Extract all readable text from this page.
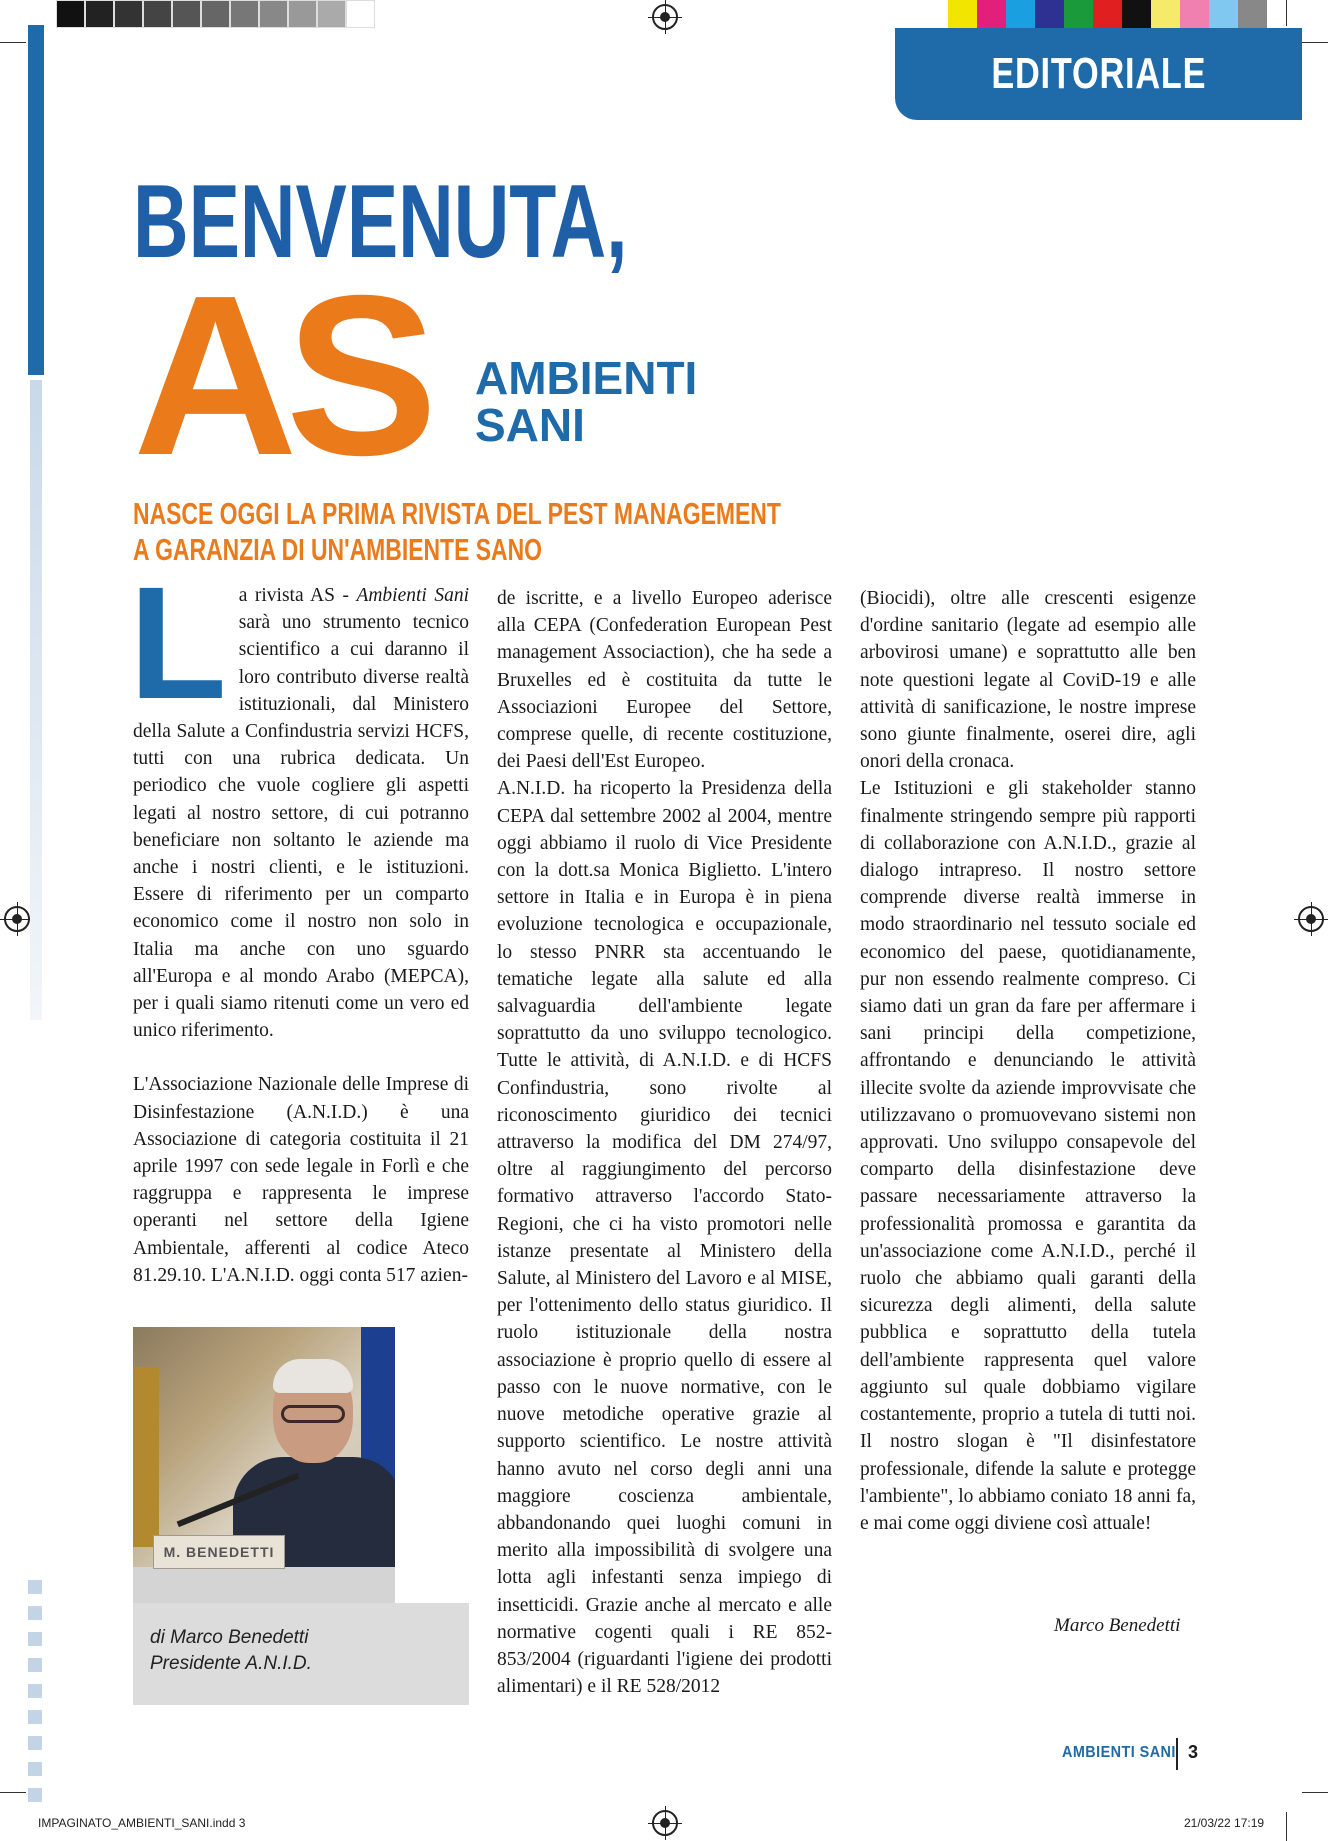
EDITORIALE
BENVENUTA,
AS AMBIENTI
SANI
NASCE OGGI LA PRIMA RIVISTA DEL PEST MANAGEMENT
A GARANZIA DI UN'AMBIENTE SANO

La rivista AS - Ambienti Sani sarà uno strumento tecnico scientifico a cui daranno il loro contributo diverse realtà istituzionali, dal Ministero della Salute a Confindustria servizi HCFS, tutti con una rubrica dedicata. Un periodico che vuole cogliere gli aspetti legati al nostro settore, di cui potranno beneficiare non soltanto le aziende ma anche i nostri clienti, e le istituzioni. Essere di riferimento per un comparto economico come il nostro non solo in Italia ma anche con uno sguardo all'Europa e al mondo Arabo (MEPCA), per i quali siamo ritenuti come un vero ed unico riferimento.

L'Associazione Nazionale delle Imprese di Disinfestazione (A.N.I.D.) è una Associazione di categoria costituita il 21 aprile 1997 con sede legale in Forlì e che raggruppa e rappresenta le imprese operanti nel settore della Igiene Ambientale, afferenti al codice Ateco 81.29.10. L'A.N.I.D. oggi conta 517 azien-

de iscritte, e a livello Europeo aderisce alla CEPA (Confederation European Pest management Associaction), che ha sede a Bruxelles ed è costituita da tutte le Associazioni Europee del Settore, comprese quelle, di recente costituzione, dei Paesi dell'Est Europeo.

A.N.I.D. ha ricoperto la Presidenza della CEPA dal settembre 2002 al 2004, mentre oggi abbiamo il ruolo di Vice Presidente con la dott.sa Monica Biglietto. L'intero settore in Italia e in Europa è in piena evoluzione tecnologica e occupazionale, lo stesso PNRR sta accentuando le tematiche legate alla salute ed alla salvaguardia dell'ambiente legate soprattutto da uno sviluppo tecnologico. Tutte le attività, di A.N.I.D. e di HCFS Confindustria, sono rivolte al riconoscimento giuridico dei tecnici attraverso la modifica del DM 274/97, oltre al raggiungimento del percorso formativo attraverso l'accordo Stato-Regioni, che ci ha visto promotori nelle istanze presentate al Ministero della Salute, al Ministero del Lavoro e al MISE, per l'ottenimento dello status giuridico. Il ruolo istituzionale della nostra associazione è proprio quello di essere al passo con le nuove normative, con le nuove metodiche operative grazie al supporto scientifico. Le nostre attività hanno avuto nel corso degli anni una maggiore coscienza ambientale, abbandonando quei luoghi comuni in merito alla impossibilità di svolgere una lotta agli infestanti senza impiego di insetticidi. Grazie anche al mercato e alle normative cogenti quali i RE 852-853/2004 (riguardanti l'igiene dei prodotti alimentari) e il RE 528/2012

(Biocidi), oltre alle crescenti esigenze d'ordine sanitario (legate ad esempio alle arbovirosi umane) e soprattutto alle ben note questioni legate al CoviD-19 e alle attività di sanificazione, le nostre imprese sono giunte finalmente, oserei dire, agli onori della cronaca.

Le Istituzioni e gli stakeholder stanno finalmente stringendo sempre più rapporti di collaborazione con A.N.I.D., grazie al dialogo intrapreso. Il nostro settore comprende diverse realtà immerse in modo straordinario nel tessuto sociale ed economico del paese, quotidianamente, pur non essendo realmente compreso. Ci siamo dati un gran da fare per affermare i sani principi della competizione, affrontando e denunciando le attività illecite svolte da aziende improvvisate che utilizzavano o promuovevano sistemi non approvati. Uno sviluppo consapevole del comparto della disinfestazione deve passare necessariamente attraverso la professionalità promossa e garantita da un'associazione come A.N.I.D., perché il ruolo che abbiamo quali garanti della sicurezza degli alimenti, della salute pubblica e soprattutto della tutela dell'ambiente rappresenta quel valore aggiunto sul quale dobbiamo vigilare costantemente, proprio a tutela di tutti noi. Il nostro slogan è "Il disinfestatore professionale, difende la salute e protegge l'ambiente", lo abbiamo coniato 18 anni fa, e mai come oggi diviene così attuale!

M. BENEDETTI
di Marco Benedetti
Presidente A.N.I.D.
Marco Benedetti
AMBIENTI SANI 3
IMPAGINATO_AMBIENTI_SANI.indd 3	21/03/22 17:19
